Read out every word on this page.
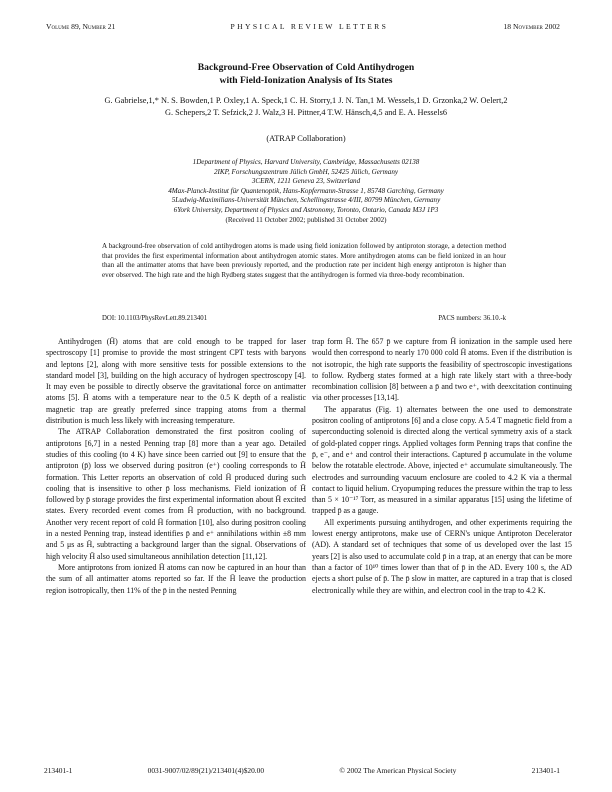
Volume 89, Number 21	PHYSICAL REVIEW LETTERS	18 November 2002
Background-Free Observation of Cold Antihydrogen
with Field-Ionization Analysis of Its States
G. Gabrielse,1,* N. S. Bowden,1 P. Oxley,1 A. Speck,1 C. H. Storry,1 J. N. Tan,1 M. Wessels,1 D. Grzonka,2 W. Oelert,2
G. Schepers,2 T. Sefzick,2 J. Walz,3 H. Pittner,4 T.W. Hänsch,4,5 and E. A. Hessels6
(ATRAP Collaboration)
1Department of Physics, Harvard University, Cambridge, Massachusetts 02138
2IKP, Forschungszentrum Jülich GmbH, 52425 Jülich, Germany
3CERN, 1211 Geneva 23, Switzerland
4Max-Planck-Institut für Quantenoptik, Hans-Kopfermann-Strasse 1, 85748 Garching, Germany
5Ludwig-Maximilians-Universität München, Schellingstrasse 4/III, 80799 München, Germany
6York University, Department of Physics and Astronomy, Toronto, Ontario, Canada M3J 1P3
(Received 11 October 2002; published 31 October 2002)
A background-free observation of cold antihydrogen atoms is made using field ionization followed by antiproton storage, a detection method that provides the first experimental information about antihydrogen atomic states. More antihydrogen atoms can be field ionized in an hour than all the antimatter atoms that have been previously reported, and the production rate per incident high energy antiproton is higher than ever observed. The high rate and the high Rydberg states suggest that the antihydrogen is formed via three-body recombination.
DOI: 10.1103/PhysRevLett.89.213401	PACS numbers: 36.10.-k

Antihydrogen (H̄) atoms that are cold enough to be trapped for laser spectroscopy [1] promise to provide the most stringent CPT tests with baryons and leptons [2], along with more sensitive tests for possible extensions to the standard model [3], building on the high accuracy of hydrogen spectroscopy [4]. It may even be possible to directly observe the gravitational force on antimatter atoms [5]. H̄ atoms with a temperature near to the 0.5 K depth of a realistic magnetic trap are greatly preferred since trapping atoms from a thermal distribution is much less likely with increasing temperature.

The ATRAP Collaboration demonstrated the first positron cooling of antiprotons [6,7] in a nested Penning trap [8] more than a year ago. Detailed studies of this cooling (to 4 K) have since been carried out [9] to ensure that the antiproton (p̄) loss we observed during positron (e⁺) cooling corresponds to H̄ formation. This Letter reports an observation of cold H̄ produced during such cooling that is insensitive to other p̄ loss mechanisms. Field ionization of H̄ followed by p̄ storage provides the first experimental information about H̄ excited states. Every recorded event comes from H̄ production, with no background. Another very recent report of cold H̄ formation [10], also during positron cooling in a nested Penning trap, instead identifies p̄ and e⁺ annihilations within ±8 mm and 5 μs as H̄, subtracting a background larger than the signal. Observations of high velocity H̄ also used simultaneous annihilation detection [11,12].

More antiprotons from ionized H̄ atoms can now be captured in an hour than the sum of all antimatter atoms reported so far. If the H̄ leave the production region isotropically, then 11% of the p̄ in the nested Penning

trap form H̄. The 657 p̄ we capture from H̄ ionization in the sample used here would then correspond to nearly 170 000 cold H̄ atoms. Even if the distribution is not isotropic, the high rate supports the feasibility of spectroscopic investigations to follow. Rydberg states formed at a high rate likely start with a three-body recombination collision [8] between a p̄ and two e⁺, with deexcitation continuing via other processes [13,14].

The apparatus (Fig. 1) alternates between the one used to demonstrate positron cooling of antiprotons [6] and a close copy. A 5.4 T magnetic field from a superconducting solenoid is directed along the vertical symmetry axis of a stack of gold-plated copper rings. Applied voltages form Penning traps that confine the p̄, e⁻, and e⁺ and control their interactions. Captured p̄ accumulate in the volume below the rotatable electrode. Above, injected e⁺ accumulate simultaneously. The electrodes and surrounding vacuum enclosure are cooled to 4.2 K via a thermal contact to liquid helium. Cryopumping reduces the pressure within the trap to less than 5 × 10⁻¹⁷ Torr, as measured in a similar apparatus [15] using the lifetime of trapped p̄ as a gauge.

All experiments pursuing antihydrogen, and other experiments requiring the lowest energy antiprotons, make use of CERN's unique Antiproton Decelerator (AD). A standard set of techniques that some of us developed over the last 15 years [2] is also used to accumulate cold p̄ in a trap, at an energy that can be more than a factor of 10¹⁰ times lower than that of p̄ in the AD. Every 100 s, the AD ejects a short pulse of p̄. The p̄ slow in matter, are captured in a trap that is closed electronically while they are within, and electron cool in the trap to 4.2 K.

213401-1	0031-9007/02/89(21)/213401(4)$20.00	© 2002 The American Physical Society	213401-1
